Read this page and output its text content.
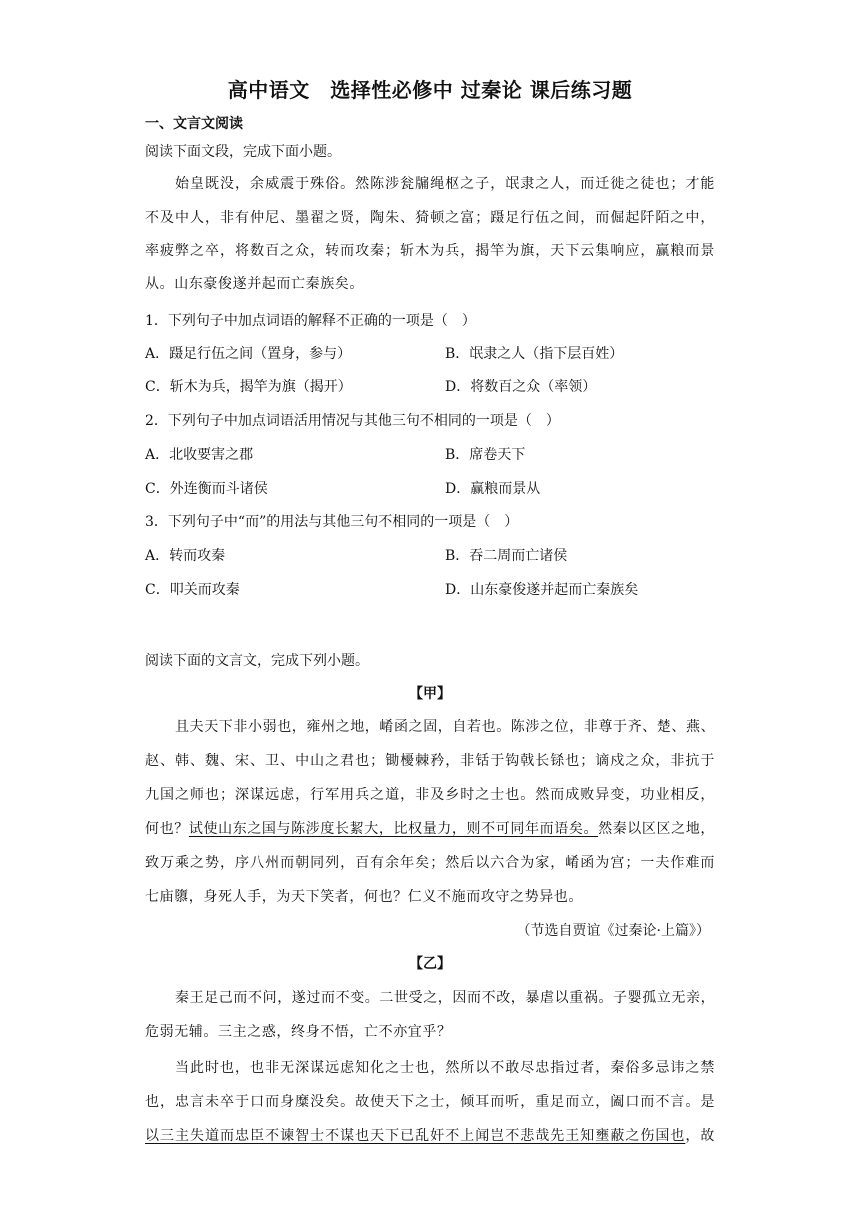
高中语文　选择性必修中 过秦论 课后练习题
一、文言文阅读
阅读下面文段，完成下面小题。
始皇既没，余威震于殊俗。然陈涉瓮牖绳枢之子，氓隶之人，而迁徙之徒也；才能
不及中人，非有仲尼、墨翟之贤，陶朱、猗顿之富；蹑足行伍之间，而倔起阡陌之中，
率疲弊之卒，将数百之众，转而攻秦；斩木为兵，揭竿为旗，天下云集响应，赢粮而景
从。山东豪俊遂并起而亡秦族矣。
1．下列句子中加点词语的解释不正确的一项是（　）
A．蹑足行伍之间（置身，参与）	B．氓隶之人（指下层百姓）
C．斩木为兵，揭竿为旗（揭开）	D．将数百之众（率领）
2．下列句子中加点词语活用情况与其他三句不相同的一项是（　）
A．北收要害之郡	B．席卷天下
C．外连衡而斗诸侯	D．赢粮而景从
3．下列句子中“而”的用法与其他三句不相同的一项是（　）
A．转而攻秦	B．吞二周而亡诸侯
C．叩关而攻秦	D．山东豪俊遂并起而亡秦族矣
阅读下面的文言文，完成下列小题。
【甲】
且夫天下非小弱也，雍州之地，崤函之固，自若也。陈涉之位，非尊于齐、楚、燕、
赵、韩、魏、宋、卫、中山之君也；锄櫌棘矜，非铦于钩戟长铩也；谪戍之众，非抗于
九国之师也；深谋远虑，行军用兵之道，非及乡时之士也。然而成败异变，功业相反，
何也？试使山东之国与陈涉度长絜大，比权量力，则不可同年而语矣。然秦以区区之地，
致万乘之势，序八州而朝同列，百有余年矣；然后以六合为家，崤函为宫；一夫作难而
七庙隳，身死人手，为天下笑者，何也？仁义不施而攻守之势异也。
（节选自贾谊《过秦论·上篇》）
【乙】
秦王足己而不问，遂过而不变。二世受之，因而不改，暴虐以重祸。子婴孤立无亲，
危弱无辅。三主之惑，终身不悟，亡不亦宜乎？
当此时也，也非无深谋远虑知化之士也，然所以不敢尽忠指过者，秦俗多忌讳之禁
也，忠言未卒于口而身糜没矣。故使天下之士，倾耳而听，重足而立，阖口而不言。是
以三主失道而忠臣不谏智士不谋也天下已乱奸不上闻岂不悲哉先王知壅蔽之伤国也，故
